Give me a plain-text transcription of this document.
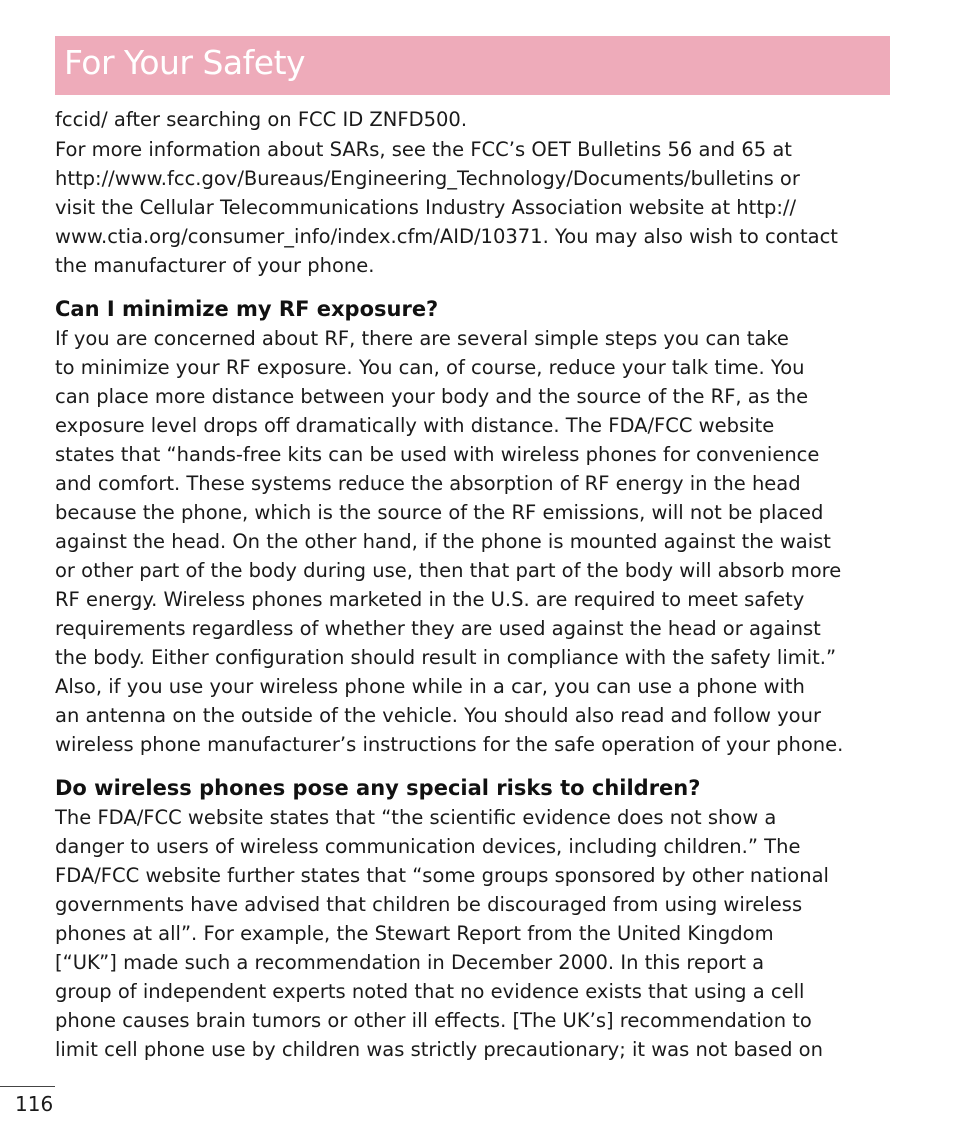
For Your Safety

fccid/ after searching on FCC ID ZNFD500.

For more information about SARs, see the FCC’s OET Bulletins 56 and 65 at
http://www.fcc.gov/Bureaus/Engineering_Technology/Documents/bulletins or
visit the Cellular Telecommunications Industry Association website at http://
www.ctia.org/consumer_info/index.cfm/AID/10371. You may also wish to contact
the manufacturer of your phone.

Can I minimize my RF exposure?

If you are concerned about RF, there are several simple steps you can take
to minimize your RF exposure. You can, of course, reduce your talk time. You
can place more distance between your body and the source of the RF, as the
exposure level drops off dramatically with distance. The FDA/FCC website
states that “hands-free kits can be used with wireless phones for convenience
and comfort. These systems reduce the absorption of RF energy in the head
because the phone, which is the source of the RF emissions, will not be placed
against the head. On the other hand, if the phone is mounted against the waist
or other part of the body during use, then that part of the body will absorb more
RF energy. Wireless phones marketed in the U.S. are required to meet safety
requirements regardless of whether they are used against the head or against
the body. Either configuration should result in compliance with the safety limit.”
Also, if you use your wireless phone while in a car, you can use a phone with
an antenna on the outside of the vehicle. You should also read and follow your
wireless phone manufacturer’s instructions for the safe operation of your phone.

Do wireless phones pose any special risks to children?

The FDA/FCC website states that “the scientific evidence does not show a
danger to users of wireless communication devices, including children.” The
FDA/FCC website further states that “some groups sponsored by other national
governments have advised that children be discouraged from using wireless
phones at all”. For example, the Stewart Report from the United Kingdom
[“UK”] made such a recommendation in December 2000. In this report a
group of independent experts noted that no evidence exists that using a cell
phone causes brain tumors or other ill effects. [The UK’s] recommendation to
limit cell phone use by children was strictly precautionary; it was not based on

116
